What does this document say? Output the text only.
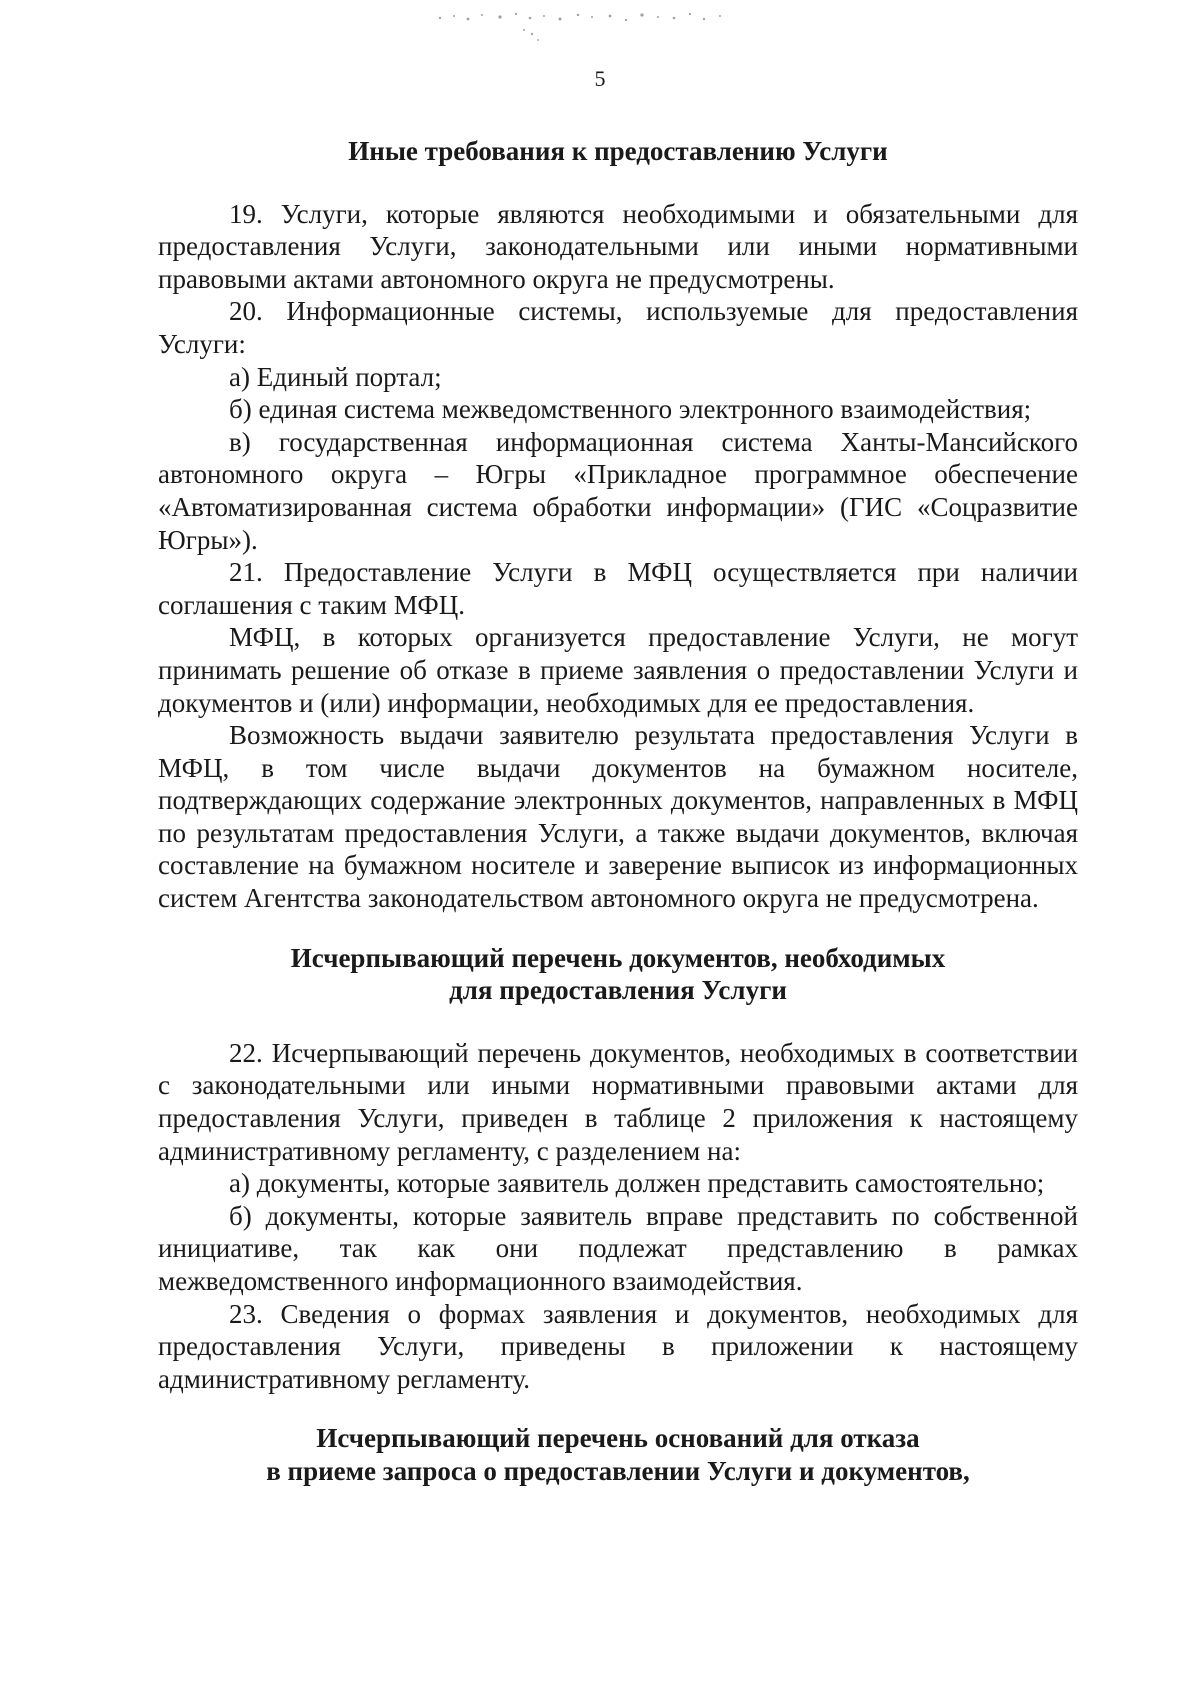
5

Иные требования к предоставлению Услуги

19. Услуги, которые являются необходимыми и обязательными для предоставления Услуги, законодательными или иными нормативными правовыми актами автономного округа не предусмотрены.

20. Информационные системы, используемые для предоставления Услуги:

а) Единый портал;

б) единая система межведомственного электронного взаимодействия;

в) государственная информационная система Ханты-Мансийского автономного округа – Югры «Прикладное программное обеспечение «Автоматизированная система обработки информации» (ГИС «Соцразвитие Югры»).

21. Предоставление Услуги в МФЦ осуществляется при наличии соглашения с таким МФЦ.

МФЦ, в которых организуется предоставление Услуги, не могут принимать решение об отказе в приеме заявления о предоставлении Услуги и документов и (или) информации, необходимых для ее предоставления.

Возможность выдачи заявителю результата предоставления Услуги в МФЦ, в том числе выдачи документов на бумажном носителе, подтверждающих содержание электронных документов, направленных в МФЦ по результатам предоставления Услуги, а также выдачи документов, включая составление на бумажном носителе и заверение выписок из информационных систем Агентства законодательством автономного округа не предусмотрена.

Исчерпывающий перечень документов, необходимых
для предоставления Услуги

22. Исчерпывающий перечень документов, необходимых в соответствии с законодательными или иными нормативными правовыми актами для предоставления Услуги, приведен в таблице 2 приложения к настоящему административному регламенту, с разделением на:

а) документы, которые заявитель должен представить самостоятельно;

б) документы, которые заявитель вправе представить по собственной инициативе, так как они подлежат представлению в рамках межведомственного информационного взаимодействия.

23. Сведения о формах заявления и документов, необходимых для предоставления Услуги, приведены в приложении к настоящему административному регламенту.

Исчерпывающий перечень оснований для отказа
в приеме запроса о предоставлении Услуги и документов,
